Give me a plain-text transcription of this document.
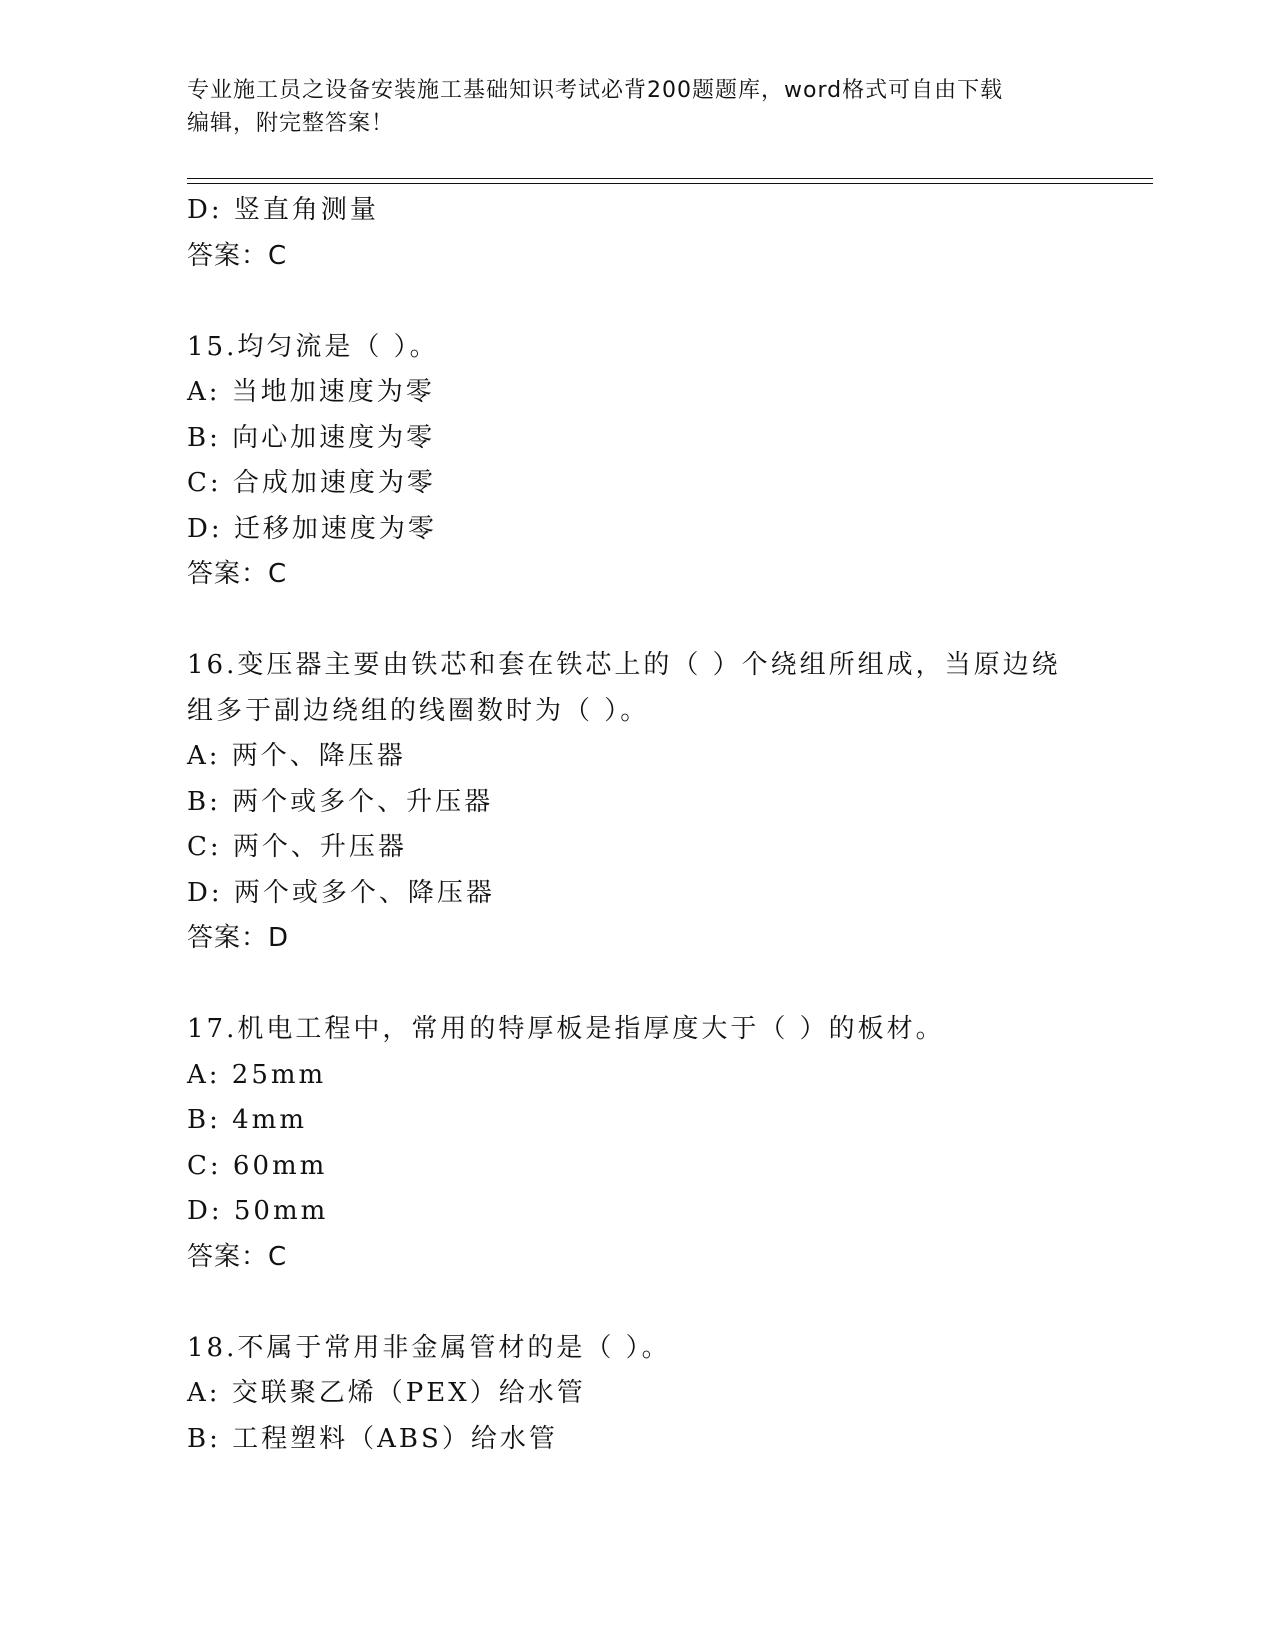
专业施工员之设备安装施工基础知识考试必背200题题库，word格式可自由下载
编辑，附完整答案！
D: 竖直角测量
答案：C
15.均匀流是（ ）。
A: 当地加速度为零
B: 向心加速度为零
C: 合成加速度为零
D: 迁移加速度为零
答案：C
16.变压器主要由铁芯和套在铁芯上的（ ）个绕组所组成，当原边绕
组多于副边绕组的线圈数时为（ ）。
A: 两个、降压器
B: 两个或多个、升压器
C: 两个、升压器
D: 两个或多个、降压器
答案：D
17.机电工程中，常用的特厚板是指厚度大于（ ）的板材。
A: 25mm
B: 4mm
C: 60mm
D: 50mm
答案：C
18.不属于常用非金属管材的是（ ）。
A: 交联聚乙烯（PEX）给水管
B: 工程塑料（ABS）给水管
